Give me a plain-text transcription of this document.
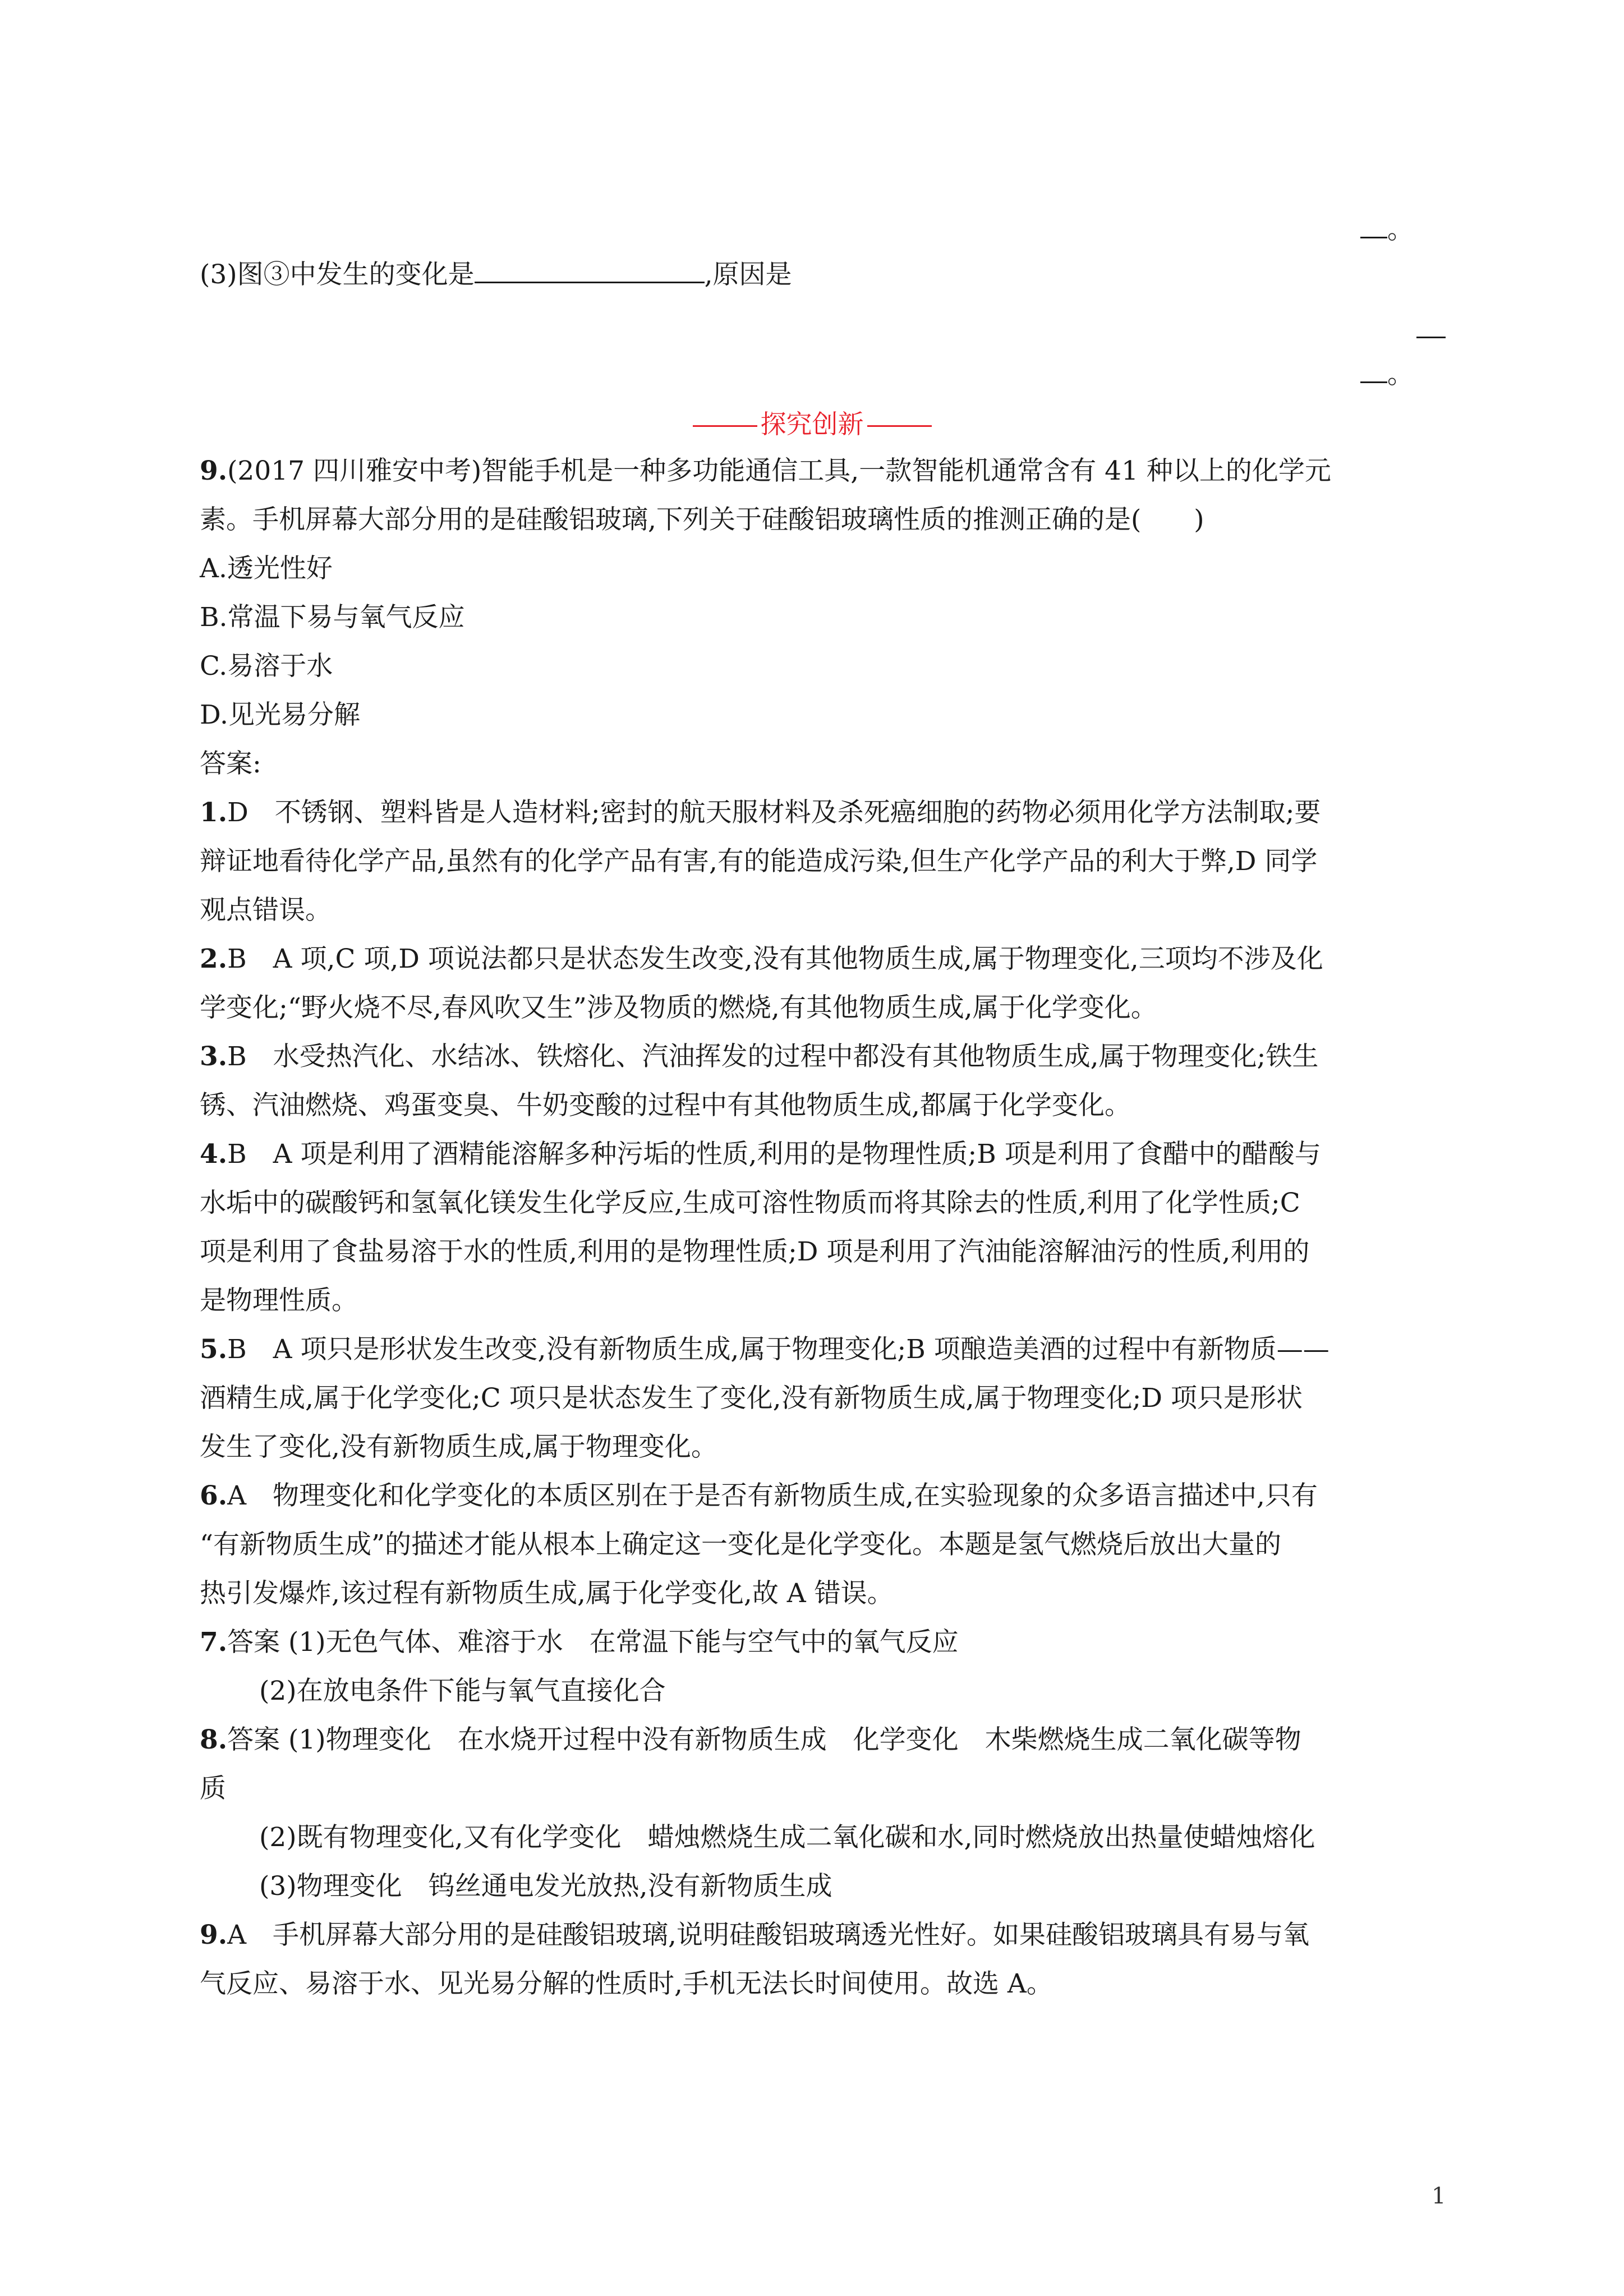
。
(3)图③中发生的变化是	,原因是
。
探究创新
9.(2017 四川雅安中考)智能手机是一种多功能通信工具,一款智能机通常含有 41 种以上的化学元
素。手机屏幕大部分用的是硅酸铝玻璃,下列关于硅酸铝玻璃性质的推测正确的是(　　)
A.透光性好
B.常温下易与氧气反应
C.易溶于水
D.见光易分解
答案:
1.D　不锈钢、塑料皆是人造材料;密封的航天服材料及杀死癌细胞的药物必须用化学方法制取;要
辩证地看待化学产品,虽然有的化学产品有害,有的能造成污染,但生产化学产品的利大于弊,D 同学
观点错误。
2.B　A 项,C 项,D 项说法都只是状态发生改变,没有其他物质生成,属于物理变化,三项均不涉及化
学变化;“野火烧不尽,春风吹又生”涉及物质的燃烧,有其他物质生成,属于化学变化。
3.B　水受热汽化、水结冰、铁熔化、汽油挥发的过程中都没有其他物质生成,属于物理变化;铁生
锈、汽油燃烧、鸡蛋变臭、牛奶变酸的过程中有其他物质生成,都属于化学变化。
4.B　A 项是利用了酒精能溶解多种污垢的性质,利用的是物理性质;B 项是利用了食醋中的醋酸与
水垢中的碳酸钙和氢氧化镁发生化学反应,生成可溶性物质而将其除去的性质,利用了化学性质;C
项是利用了食盐易溶于水的性质,利用的是物理性质;D 项是利用了汽油能溶解油污的性质,利用的
是物理性质。
5.B　A 项只是形状发生改变,没有新物质生成,属于物理变化;B 项酿造美酒的过程中有新物质——
酒精生成,属于化学变化;C 项只是状态发生了变化,没有新物质生成,属于物理变化;D 项只是形状
发生了变化,没有新物质生成,属于物理变化。
6.A　物理变化和化学变化的本质区别在于是否有新物质生成,在实验现象的众多语言描述中,只有
“有新物质生成”的描述才能从根本上确定这一变化是化学变化。本题是氢气燃烧后放出大量的
热引发爆炸,该过程有新物质生成,属于化学变化,故 A 错误。
7.答案 (1)无色气体、难溶于水　在常温下能与空气中的氧气反应
(2)在放电条件下能与氧气直接化合
8.答案 (1)物理变化　在水烧开过程中没有新物质生成　化学变化　木柴燃烧生成二氧化碳等物
质
(2)既有物理变化,又有化学变化　蜡烛燃烧生成二氧化碳和水,同时燃烧放出热量使蜡烛熔化
(3)物理变化　钨丝通电发光放热,没有新物质生成
9.A　手机屏幕大部分用的是硅酸铝玻璃,说明硅酸铝玻璃透光性好。如果硅酸铝玻璃具有易与氧
气反应、易溶于水、见光易分解的性质时,手机无法长时间使用。故选 A。
1
